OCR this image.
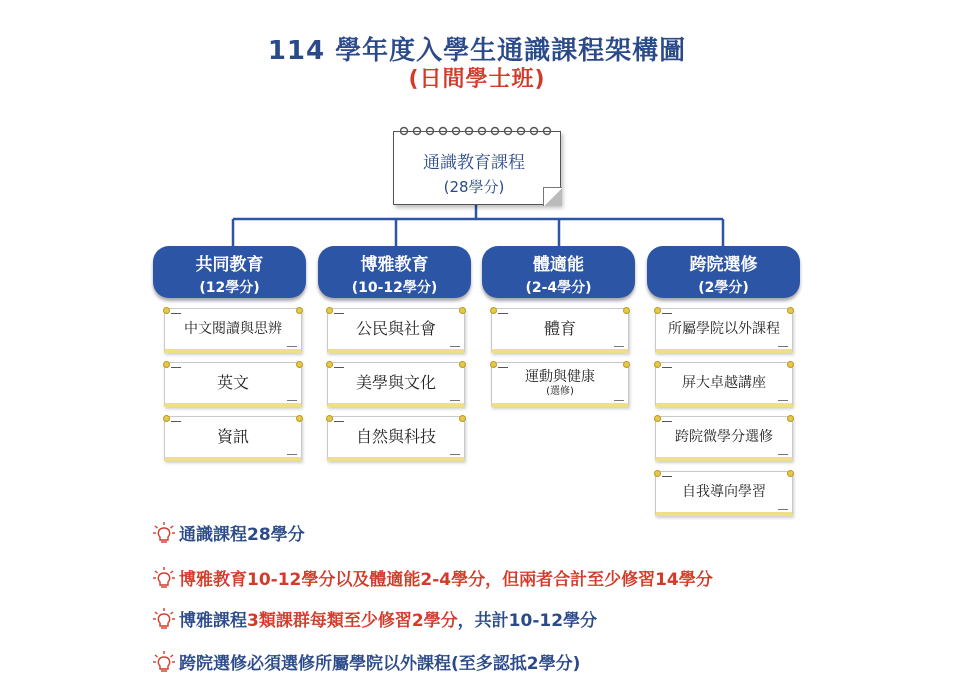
114 學年度入學生通識課程架構圖
(日間學士班)
通識教育課程
(28學分)
共同教育
(12學分)
博雅教育
(10-12學分)
體適能
(2-4學分)
跨院選修
(2學分)
中文閱讀與思辨
英文
資訊
公民與社會
美學與文化
自然與科技
體育
運動與健康
(選修)
所屬學院以外課程
屏大卓越講座
跨院微學分選修
自我導向學習
通識課程28學分
博雅教育10-12學分以及體適能2-4學分，但兩者合計至少修習14學分
博雅課程3類課群每類至少修習2學分，共計10-12學分
跨院選修必須選修所屬學院以外課程(至多認抵2學分)
